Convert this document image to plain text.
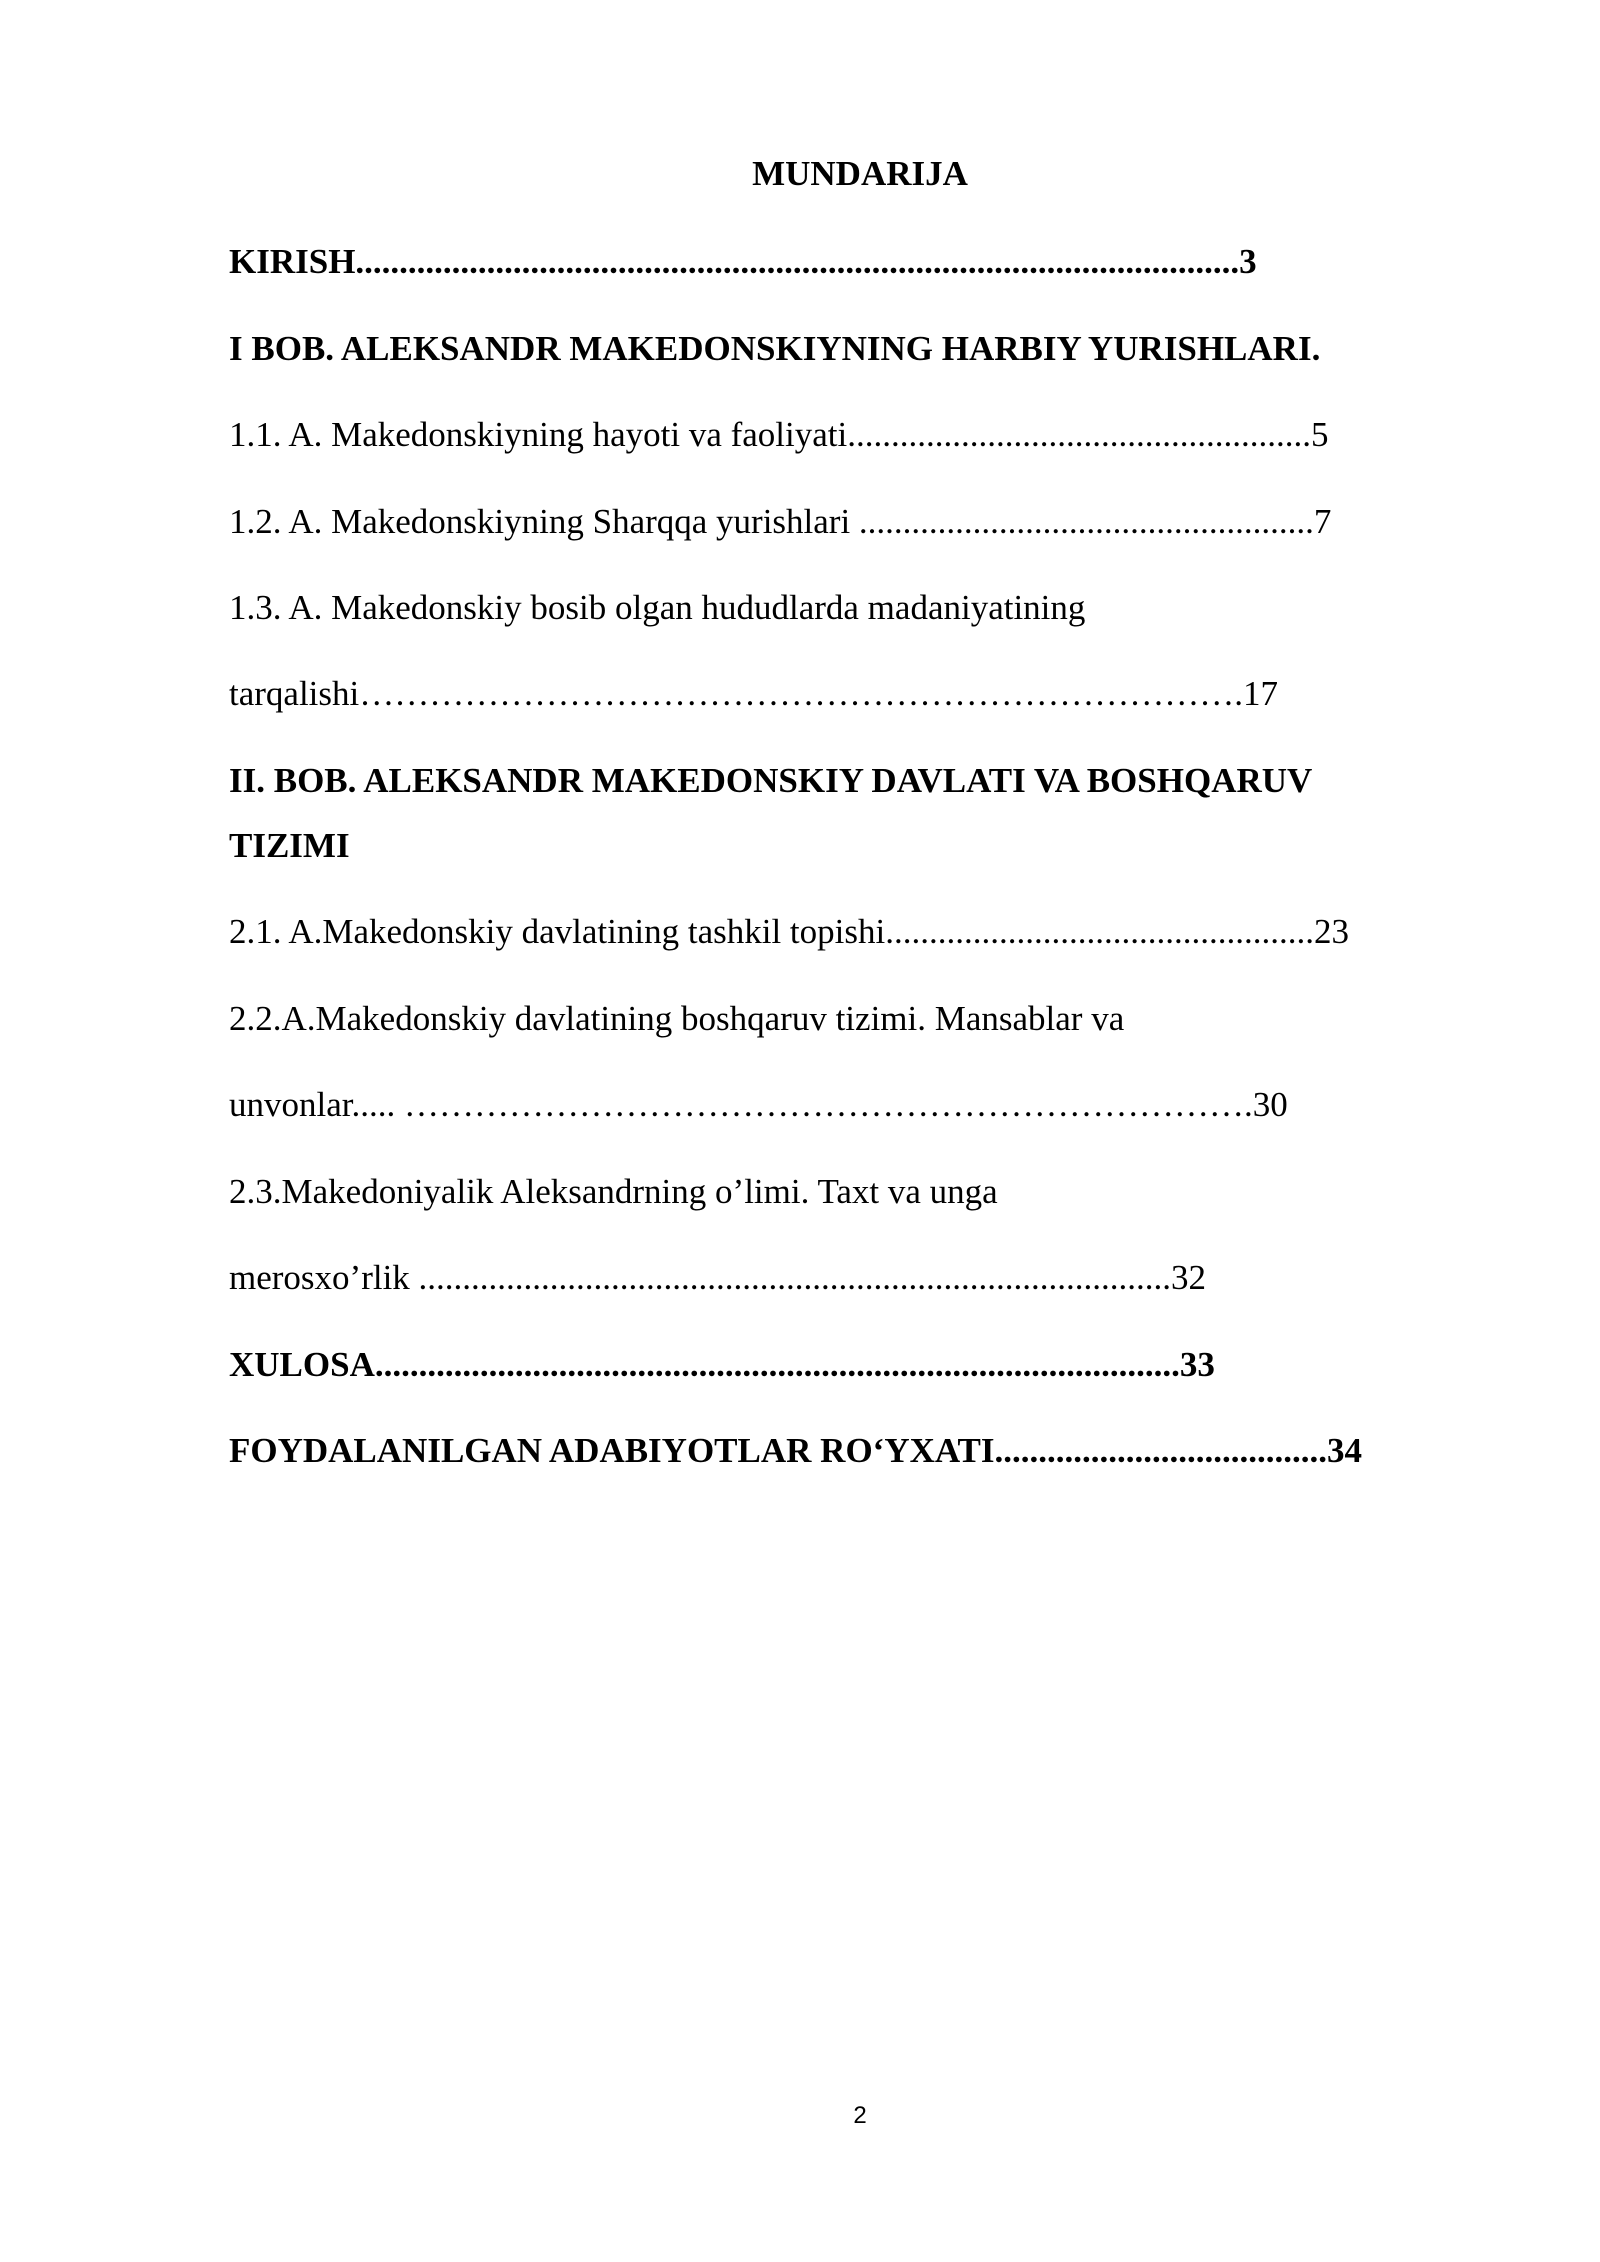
MUNDARIJA
KIRISH.....................................................................................................3
I BOB. ALEKSANDR MAKEDONSKIYNING HARBIY YURISHLARI.
1.1. A. Makedonskiyning hayoti va faoliyati.....................................................5
1.2. A. Makedonskiyning Sharqqa yurishlari ....................................................7
1.3. A. Makedonskiy bosib olgan hududlarda madaniyatining
tarqalishi………………………………………………………………….17
II. BOB. ALEKSANDR MAKEDONSKIY DAVLATI VA BOSHQARUV
TIZIMI
2.1. A.Makedonskiy davlatining tashkil topishi.................................................23
2.2.A.Makedonskiy davlatining boshqaruv tizimi. Mansablar va
unvonlar..... ……………………………………………………………….30
2.3.Makedoniyalik Aleksandrning o’limi. Taxt va unga
merosxo’rlik ......................................................................................32
XULOSA............................................................................................33
FOYDALANILGAN ADABIYOTLAR RO‘YXATI......................................34
2
